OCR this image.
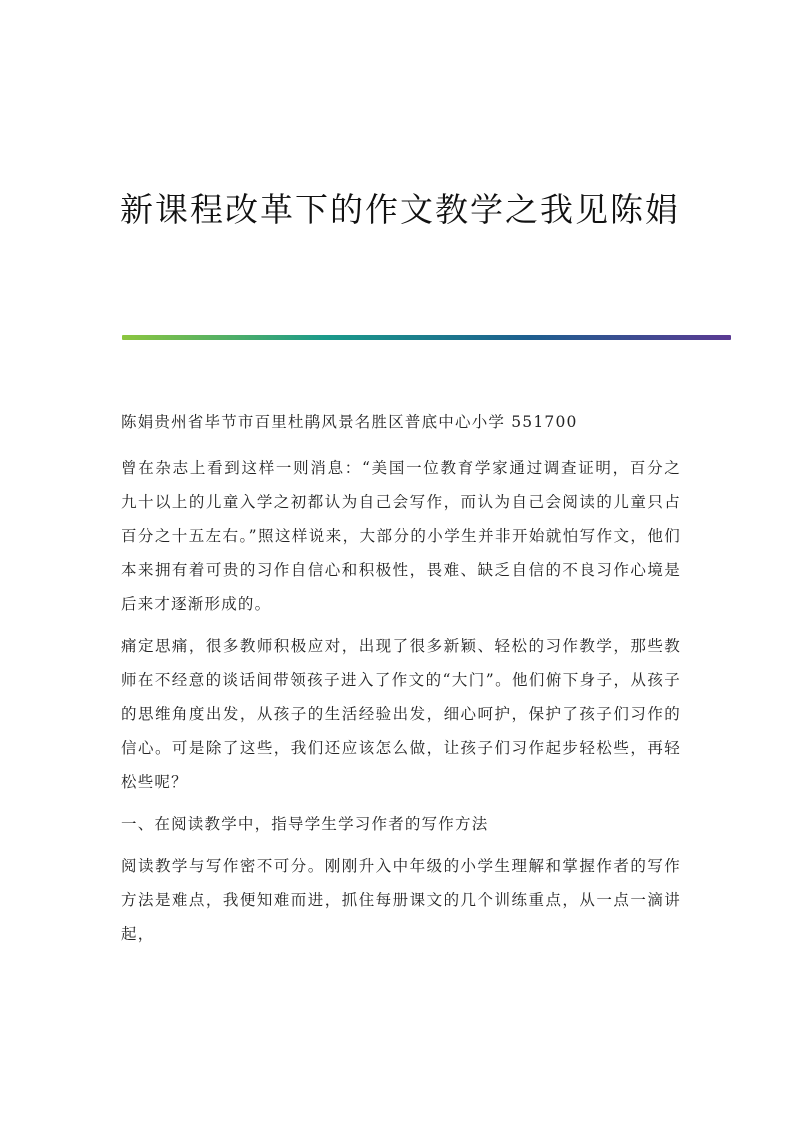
新课程改革下的作文教学之我见陈娟

陈娟贵州省毕节市百里杜鹃风景名胜区普底中心小学 551700

曾在杂志上看到这样一则消息：“美国一位教育学家通过调查证明，百分之九十以上的儿童入学之初都认为自己会写作，而认为自己会阅读的儿童只占百分之十五左右。”照这样说来，大部分的小学生并非开始就怕写作文，他们本来拥有着可贵的习作自信心和积极性，畏难、缺乏自信的不良习作心境是后来才逐渐形成的。

痛定思痛，很多教师积极应对，出现了很多新颖、轻松的习作教学，那些教师在不经意的谈话间带领孩子进入了作文的“大门”。他们俯下身子，从孩子的思维角度出发，从孩子的生活经验出发，细心呵护，保护了孩子们习作的信心。可是除了这些，我们还应该怎么做，让孩子们习作起步轻松些，再轻松些呢？

一、在阅读教学中，指导学生学习作者的写作方法

阅读教学与写作密不可分。刚刚升入中年级的小学生理解和掌握作者的写作方法是难点，我便知难而进，抓住每册课文的几个训练重点，从一点一滴讲起，
